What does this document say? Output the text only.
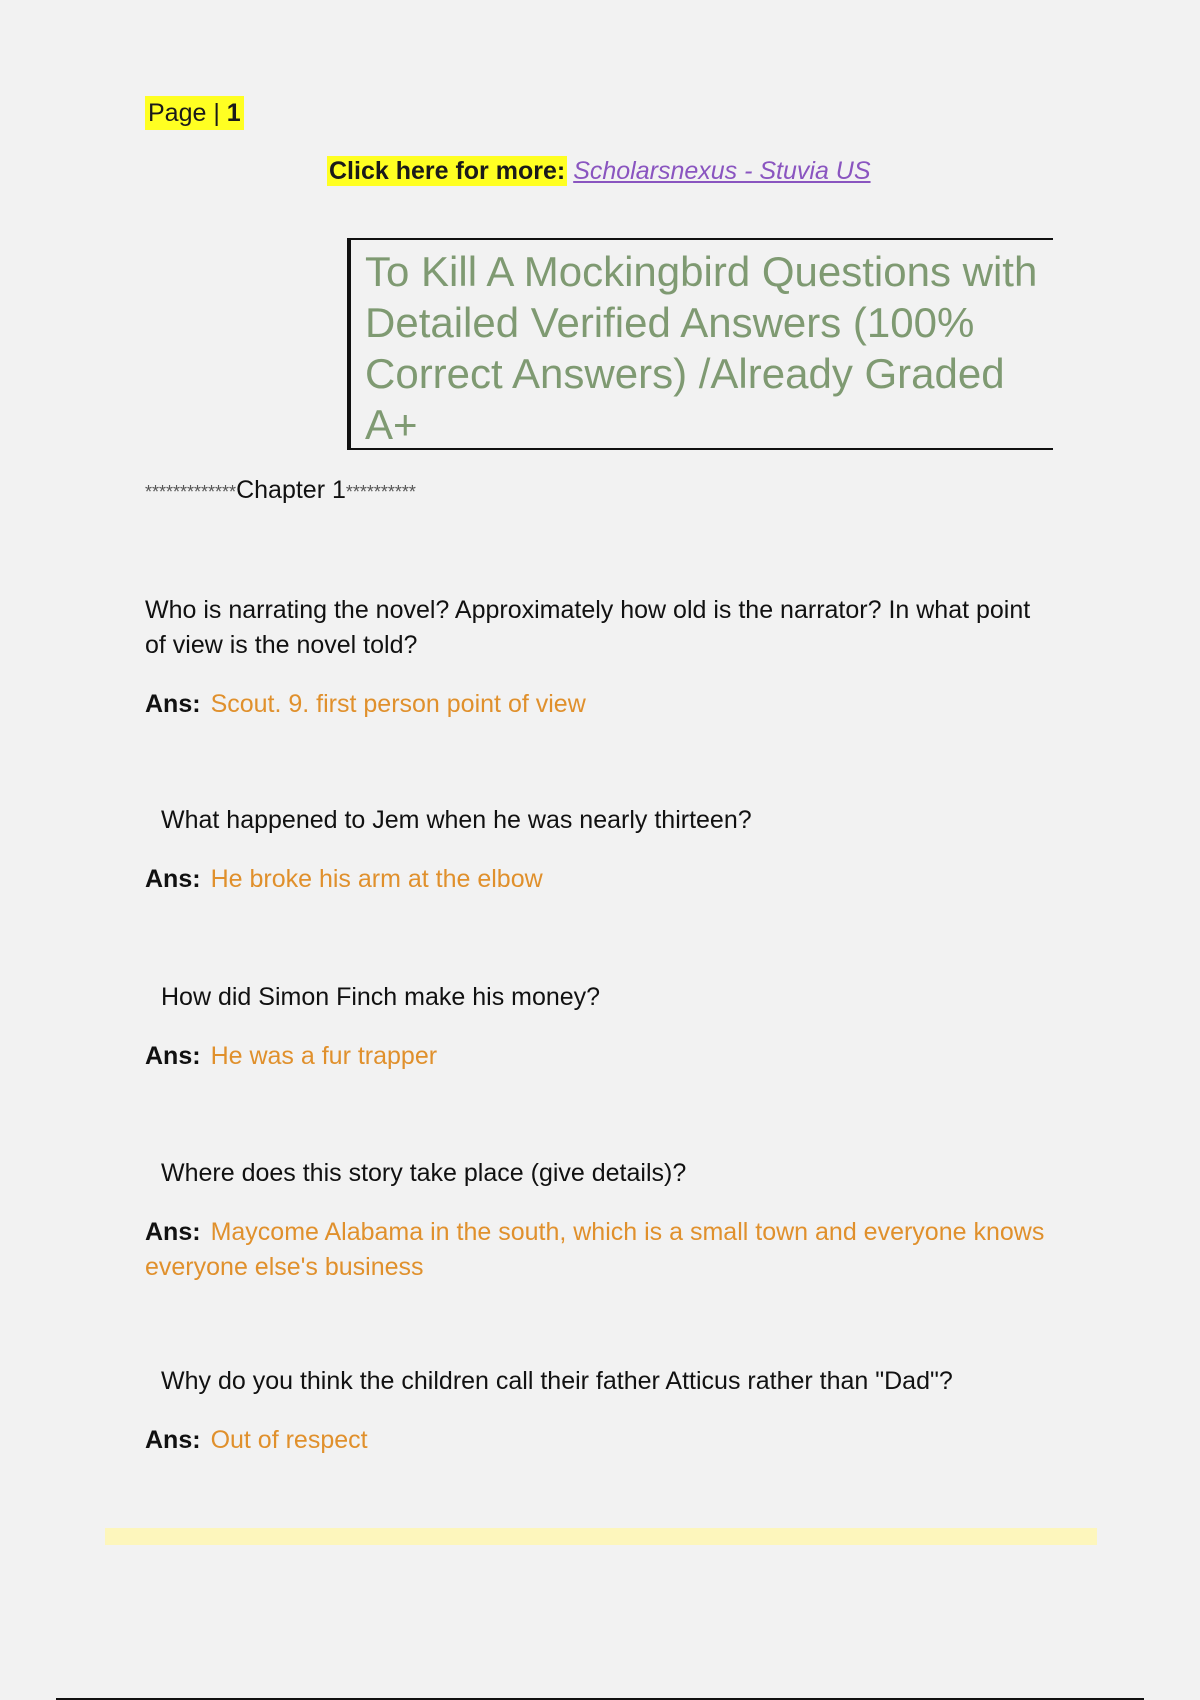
Page | 1
Click here for more: Scholarsnexus - Stuvia US
To Kill A Mockingbird Questions with Detailed Verified Answers (100% Correct Answers) /Already Graded A+
*************Chapter 1**********

Who is narrating the novel? Approximately how old is the narrator? In what point of view is the novel told?

Ans: Scout. 9. first person point of view

What happened to Jem when he was nearly thirteen?

Ans: He broke his arm at the elbow

How did Simon Finch make his money?

Ans: He was a fur trapper

Where does this story take place (give details)?

Ans: Maycome Alabama in the south, which is a small town and everyone knows everyone else's business

Why do you think the children call their father Atticus rather than "Dad"?

Ans: Out of respect
